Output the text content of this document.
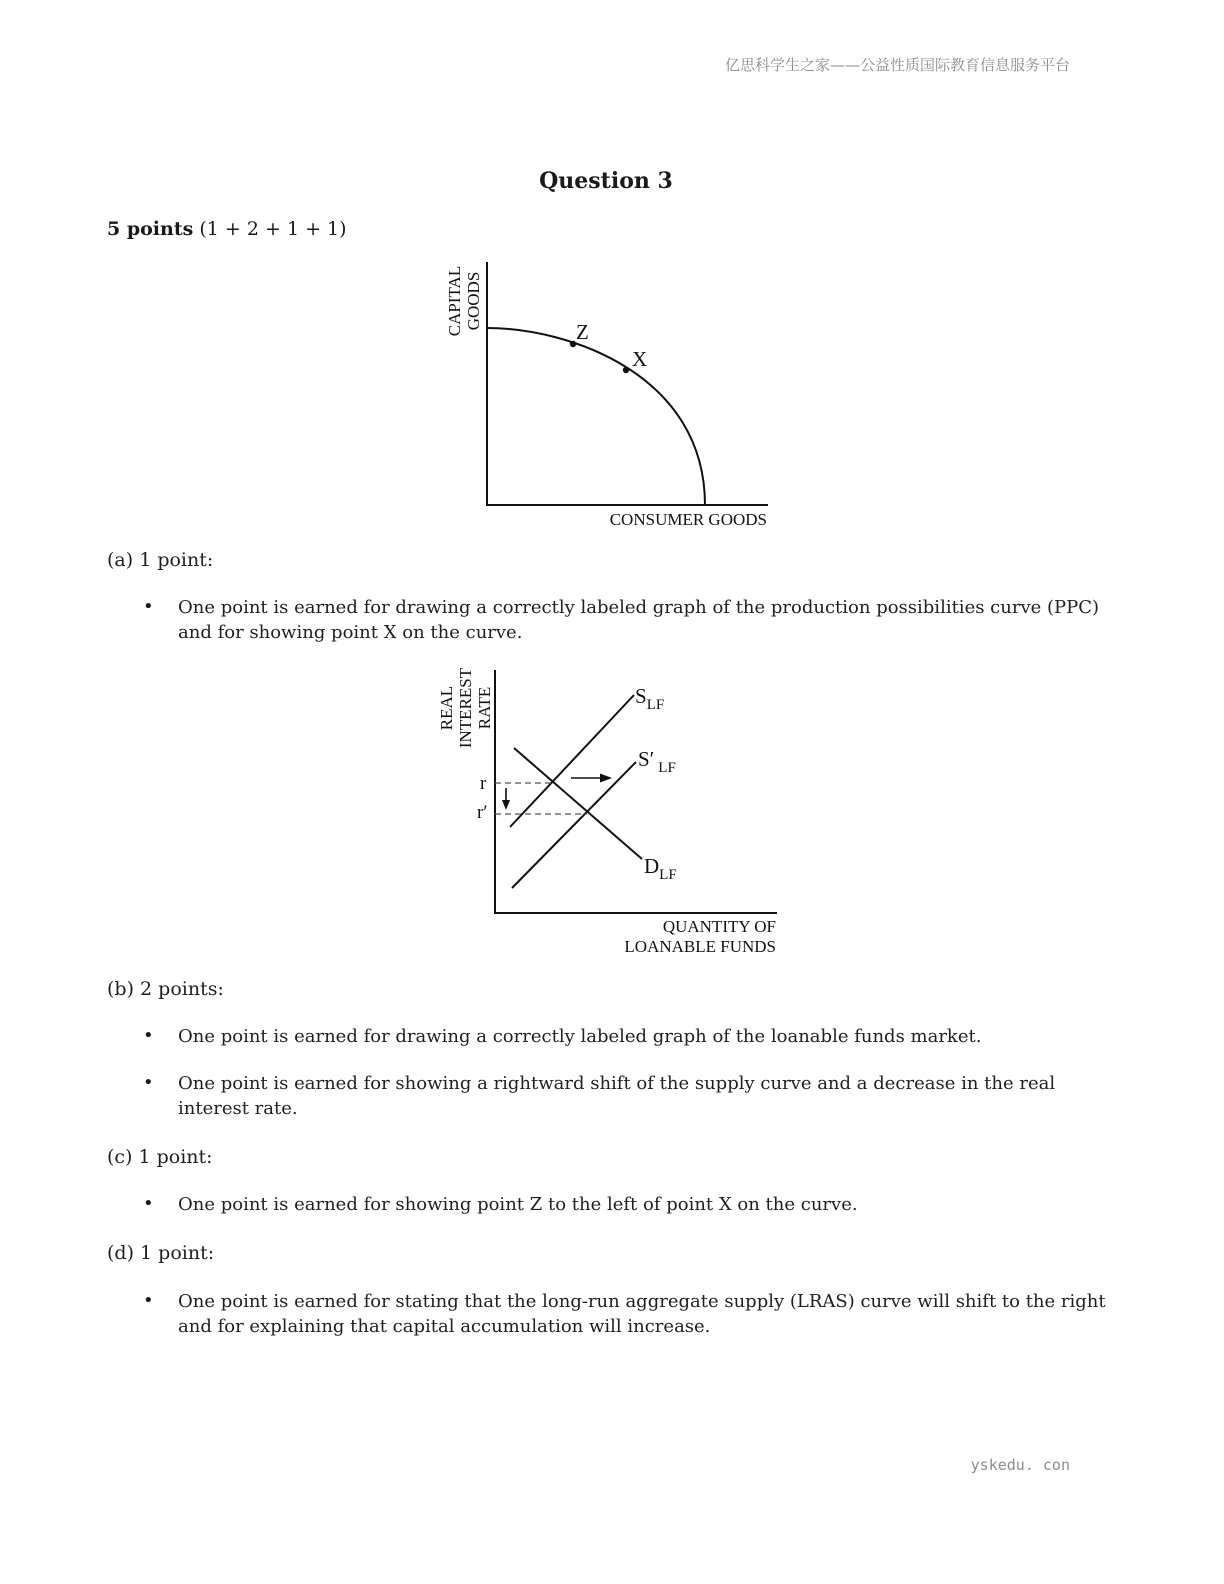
亿思科学生之家——公益性质国际教育信息服务平台
yskedu. con
Question 3
5 points (1 + 2 + 1 + 1)
Z
X
CAPITAL GOODS
CONSUMER GOODS
r
r′
$S_{LF}$
S′ $_{LF}$
$D_{LF}$
REAL INTEREST RATE
QUANTITY OF
LOANABLE FUNDS
(a) 1 point:
• One point is earned for drawing a correctly labeled graph of the production possibilities curve (PPC) and for showing point X on the curve.
(b) 2 points:
• One point is earned for drawing a correctly labeled graph of the loanable funds market.
• One point is earned for showing a rightward shift of the supply curve and a decrease in the real interest rate.
(c) 1 point:
• One point is earned for showing point Z to the left of point X on the curve.
(d) 1 point:
• One point is earned for stating that the long-run aggregate supply (LRAS) curve will shift to the right and for explaining that capital accumulation will increase.
